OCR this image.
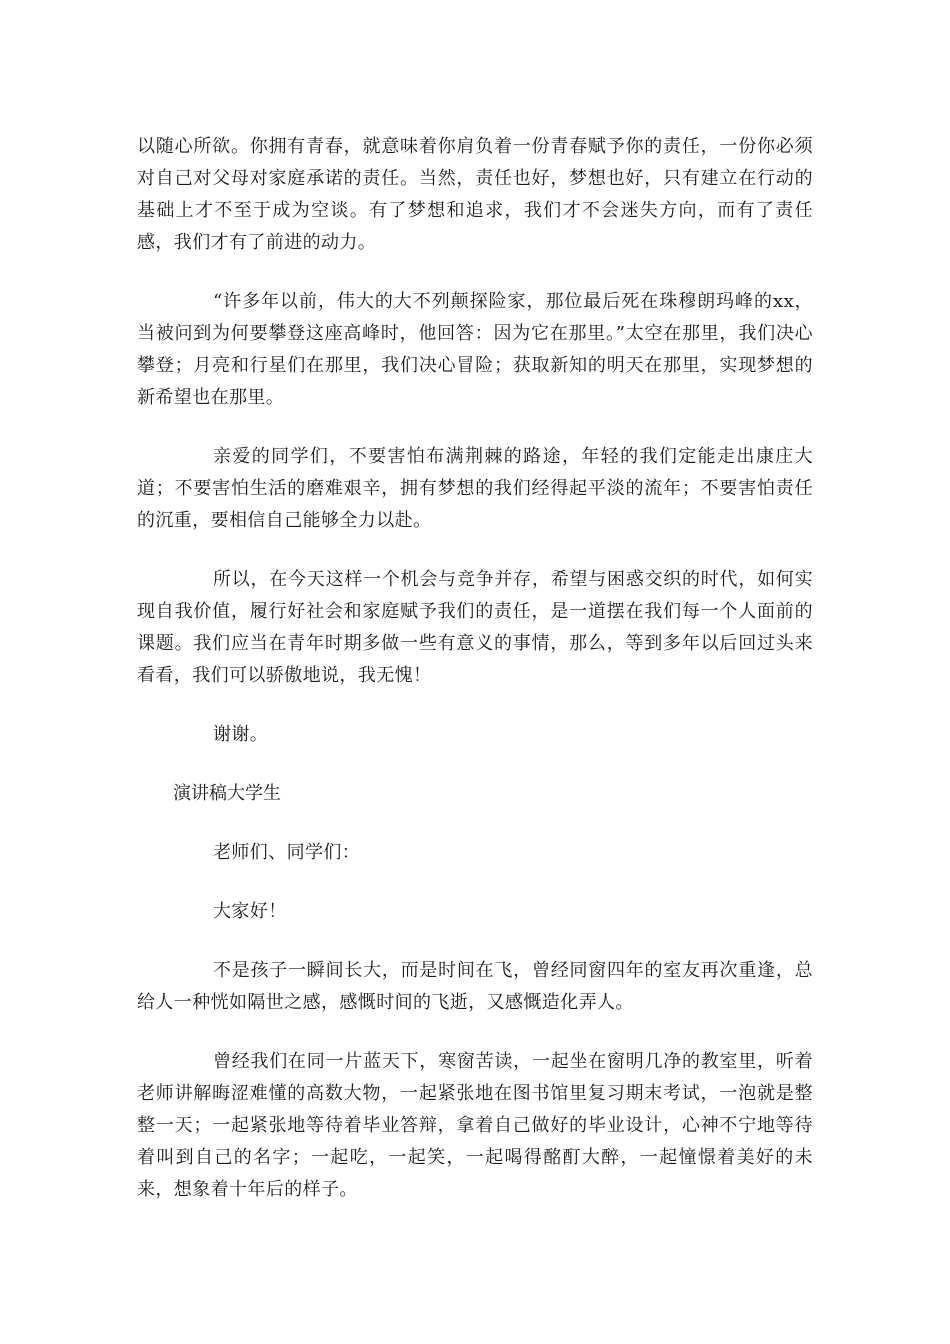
以随心所欲。你拥有青春，就意味着你肩负着一份青春赋予你的责任，一份你必须对自己对父母对家庭承诺的责任。当然，责任也好，梦想也好，只有建立在行动的基础上才不至于成为空谈。有了梦想和追求，我们才不会迷失方向，而有了责任感，我们才有了前进的动力。

“许多年以前，伟大的大不列颠探险家，那位最后死在珠穆朗玛峰的xx，当被问到为何要攀登这座高峰时，他回答：因为它在那里。”太空在那里，我们决心攀登；月亮和行星们在那里，我们决心冒险；获取新知的明天在那里，实现梦想的新希望也在那里。

亲爱的同学们，不要害怕布满荆棘的路途，年轻的我们定能走出康庄大道；不要害怕生活的磨难艰辛，拥有梦想的我们经得起平淡的流年；不要害怕责任的沉重，要相信自己能够全力以赴。

所以，在今天这样一个机会与竞争并存，希望与困惑交织的时代，如何实现自我价值，履行好社会和家庭赋予我们的责任，是一道摆在我们每一个人面前的课题。我们应当在青年时期多做一些有意义的事情，那么，等到多年以后回过头来看看，我们可以骄傲地说，我无愧！

谢谢。

演讲稿大学生

老师们、同学们：

大家好！

不是孩子一瞬间长大，而是时间在飞，曾经同窗四年的室友再次重逢，总给人一种恍如隔世之感，感慨时间的飞逝，又感慨造化弄人。

曾经我们在同一片蓝天下，寒窗苦读，一起坐在窗明几净的教室里，听着老师讲解晦涩难懂的高数大物，一起紧张地在图书馆里复习期末考试，一泡就是整整一天；一起紧张地等待着毕业答辩，拿着自己做好的毕业设计，心神不宁地等待着叫到自己的名字；一起吃，一起笑，一起喝得酩酊大醉，一起憧憬着美好的未来，想象着十年后的样子。
